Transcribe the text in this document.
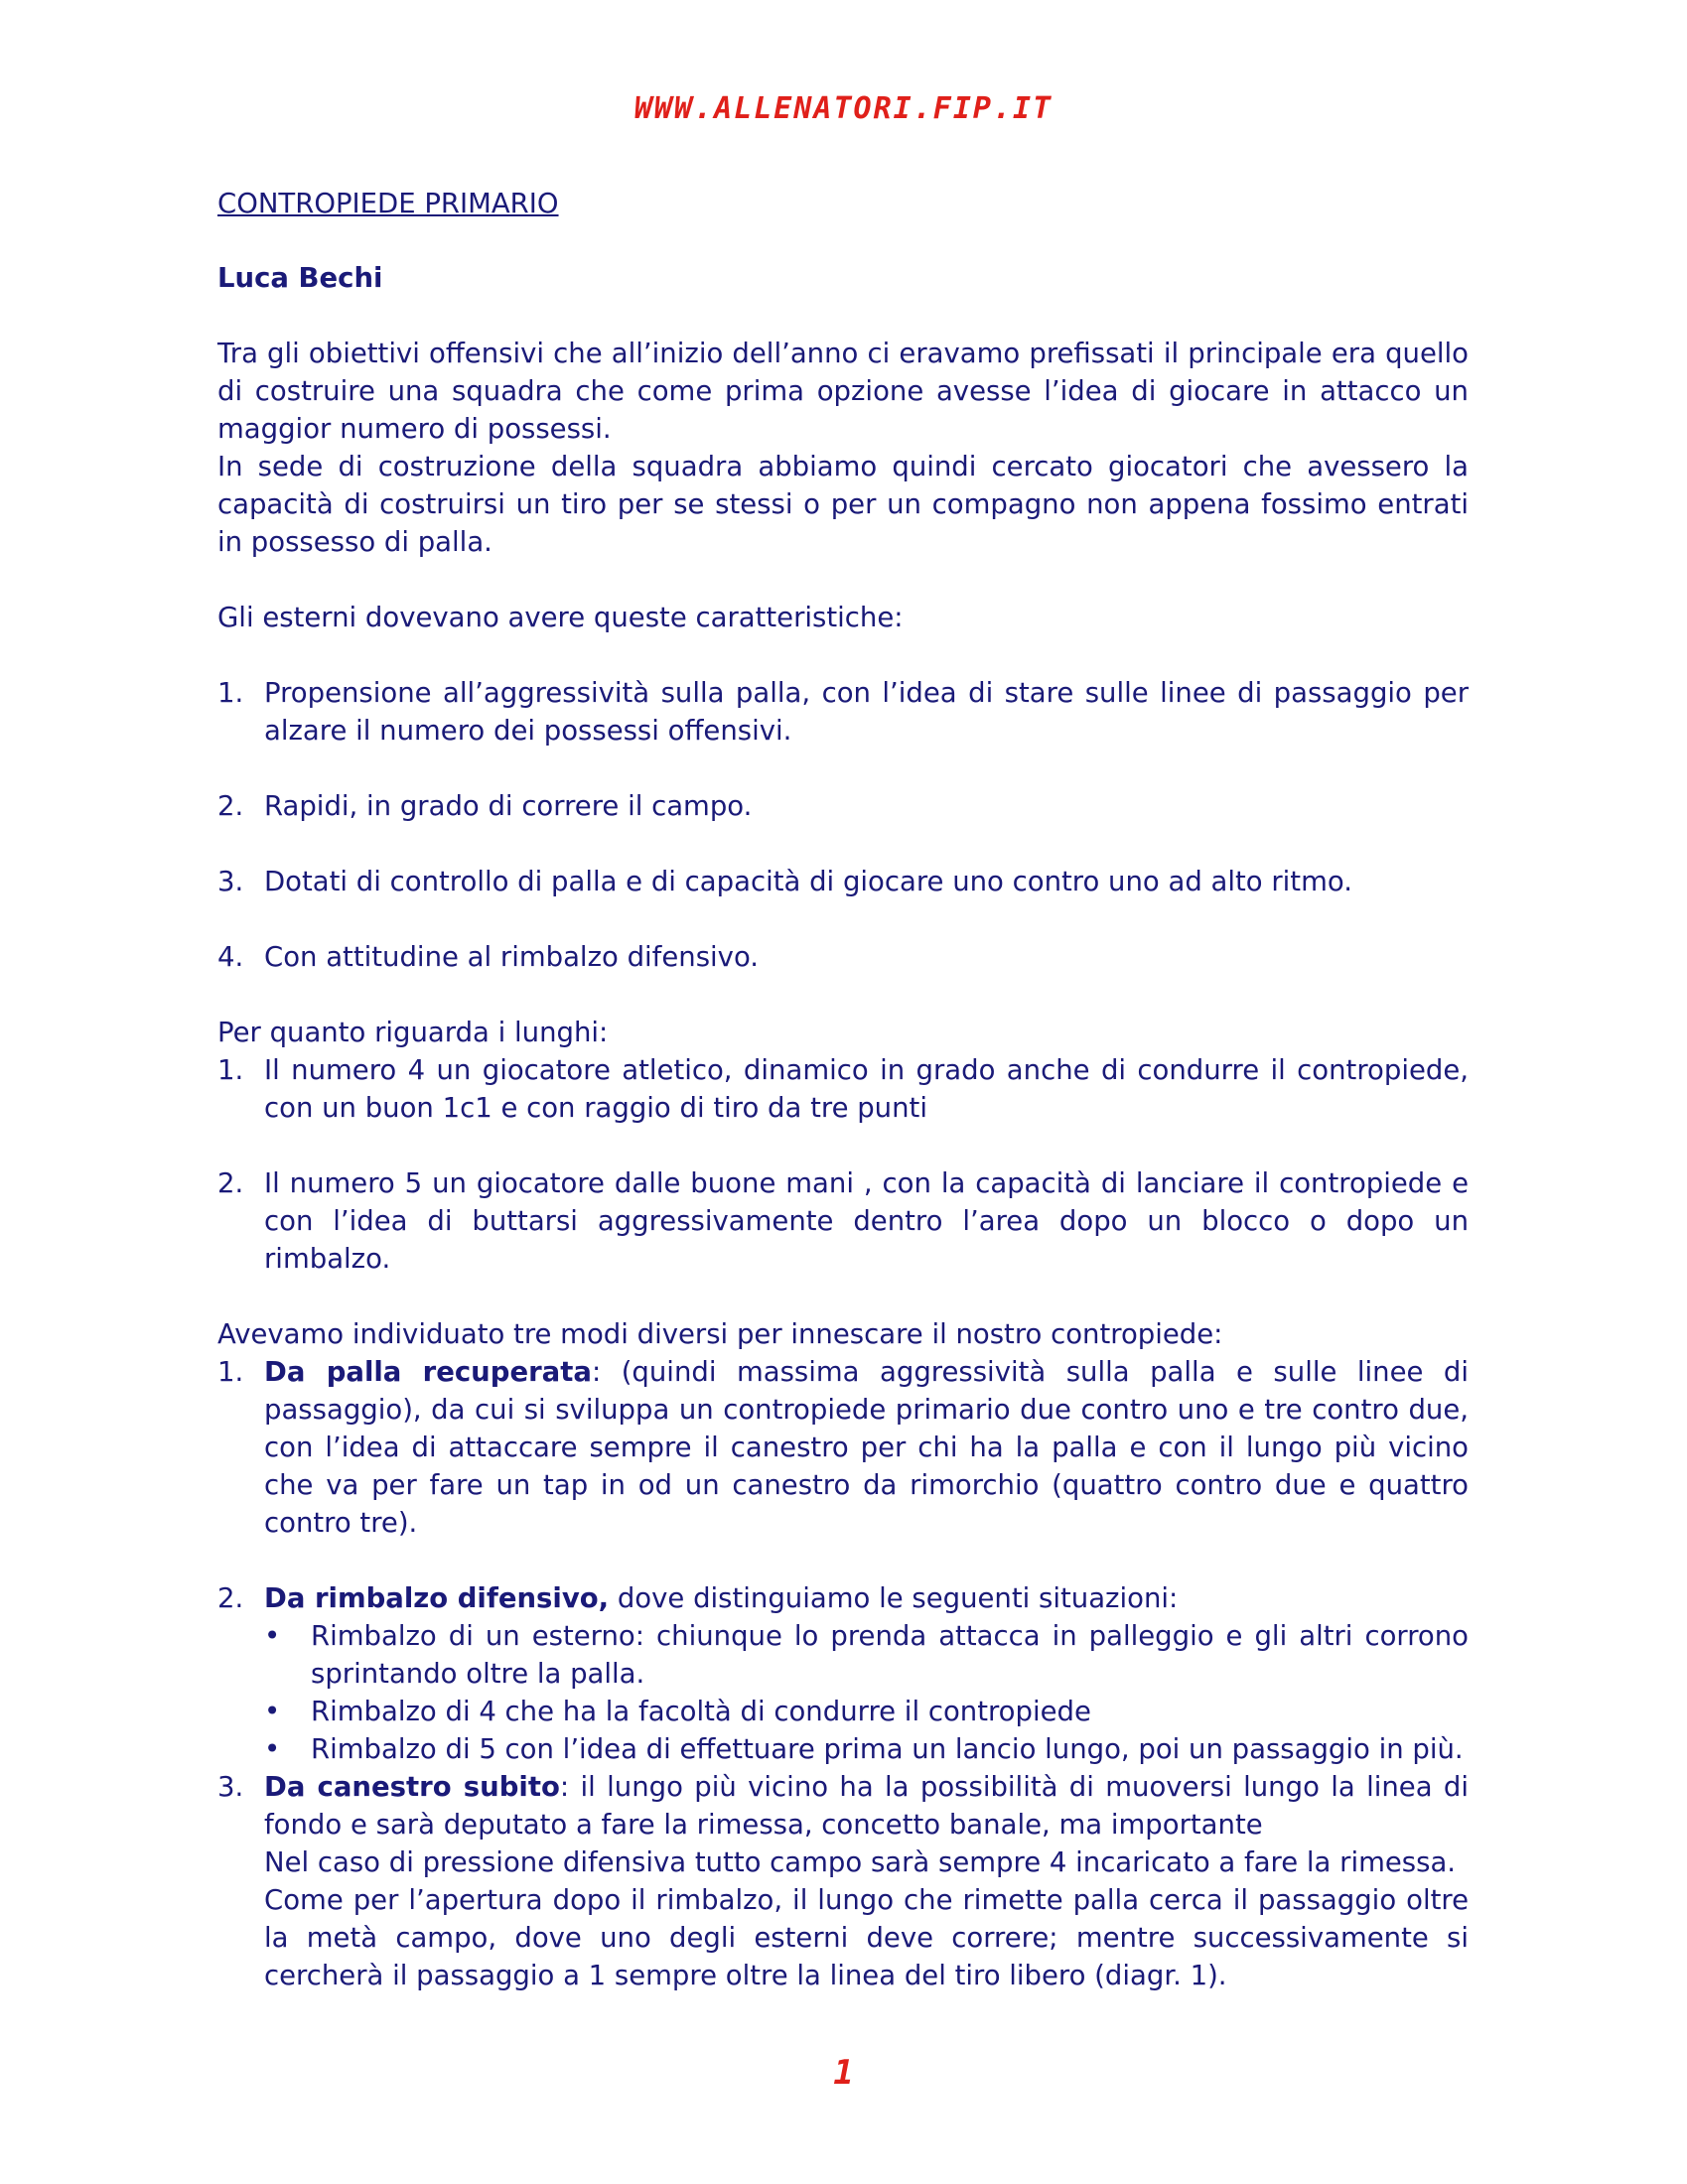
WWW.ALLENATORI.FIP.IT
CONTROPIEDE PRIMARIO
Luca Bechi

Tra gli obiettivi offensivi che all’inizio dell’anno ci eravamo prefissati il principale era quello di costruire una squadra che come prima opzione avesse l’idea di giocare in attacco un maggior numero di possessi.

In sede di costruzione della squadra abbiamo quindi cercato giocatori che avessero la capacità di costruirsi un tiro per se stessi o per un compagno non appena fossimo entrati in possesso di palla.

Gli esterni dovevano avere queste caratteristiche:

1. Propensione all’aggressività sulla palla, con l’idea di stare sulle linee di passaggio per alzare il numero dei possessi offensivi.
2. Rapidi, in grado di correre il campo.
3. Dotati di controllo di palla e di capacità di giocare uno contro uno ad alto ritmo.
4. Con attitudine al rimbalzo difensivo.

Per quanto riguarda i lunghi:

1. Il numero 4 un giocatore atletico, dinamico in grado anche di condurre il contropiede, con un buon 1c1 e con raggio di tiro da tre punti
2. Il numero 5 un giocatore dalle buone mani , con la capacità di lanciare il contropiede e con l’idea di buttarsi aggressivamente dentro l’area dopo un blocco o dopo un rimbalzo.

Avevamo individuato tre modi diversi per innescare il nostro contropiede:

1. Da palla recuperata: (quindi massima aggressività sulla palla e sulle linee di passaggio), da cui si sviluppa un contropiede primario due contro uno e tre contro due, con l’idea di attaccare sempre il canestro per chi ha la palla e con il lungo più vicino che va per fare un tap in od un canestro da rimorchio (quattro contro due e quattro contro tre).
2. Da rimbalzo difensivo, dove distinguiamo le seguenti situazioni:
•	Rimbalzo di un esterno: chiunque lo prenda attacca in palleggio e gli altri corrono sprintando oltre la palla.
•	Rimbalzo di 4 che ha la facoltà di condurre il contropiede
•	Rimbalzo di 5 con l’idea di effettuare prima un lancio lungo, poi un passaggio in più.
3. Da canestro subito: il lungo più vicino ha la possibilità di muoversi lungo la linea di fondo e sarà deputato a fare la rimessa, concetto banale, ma importante
Nel caso di pressione difensiva tutto campo sarà sempre 4 incaricato a fare la rimessa.
Come per l’apertura dopo il rimbalzo, il lungo che rimette palla cerca il passaggio oltre la metà campo, dove uno degli esterni deve correre; mentre successivamente si cercherà il passaggio a 1 sempre oltre la linea del tiro libero (diagr. 1).
1
